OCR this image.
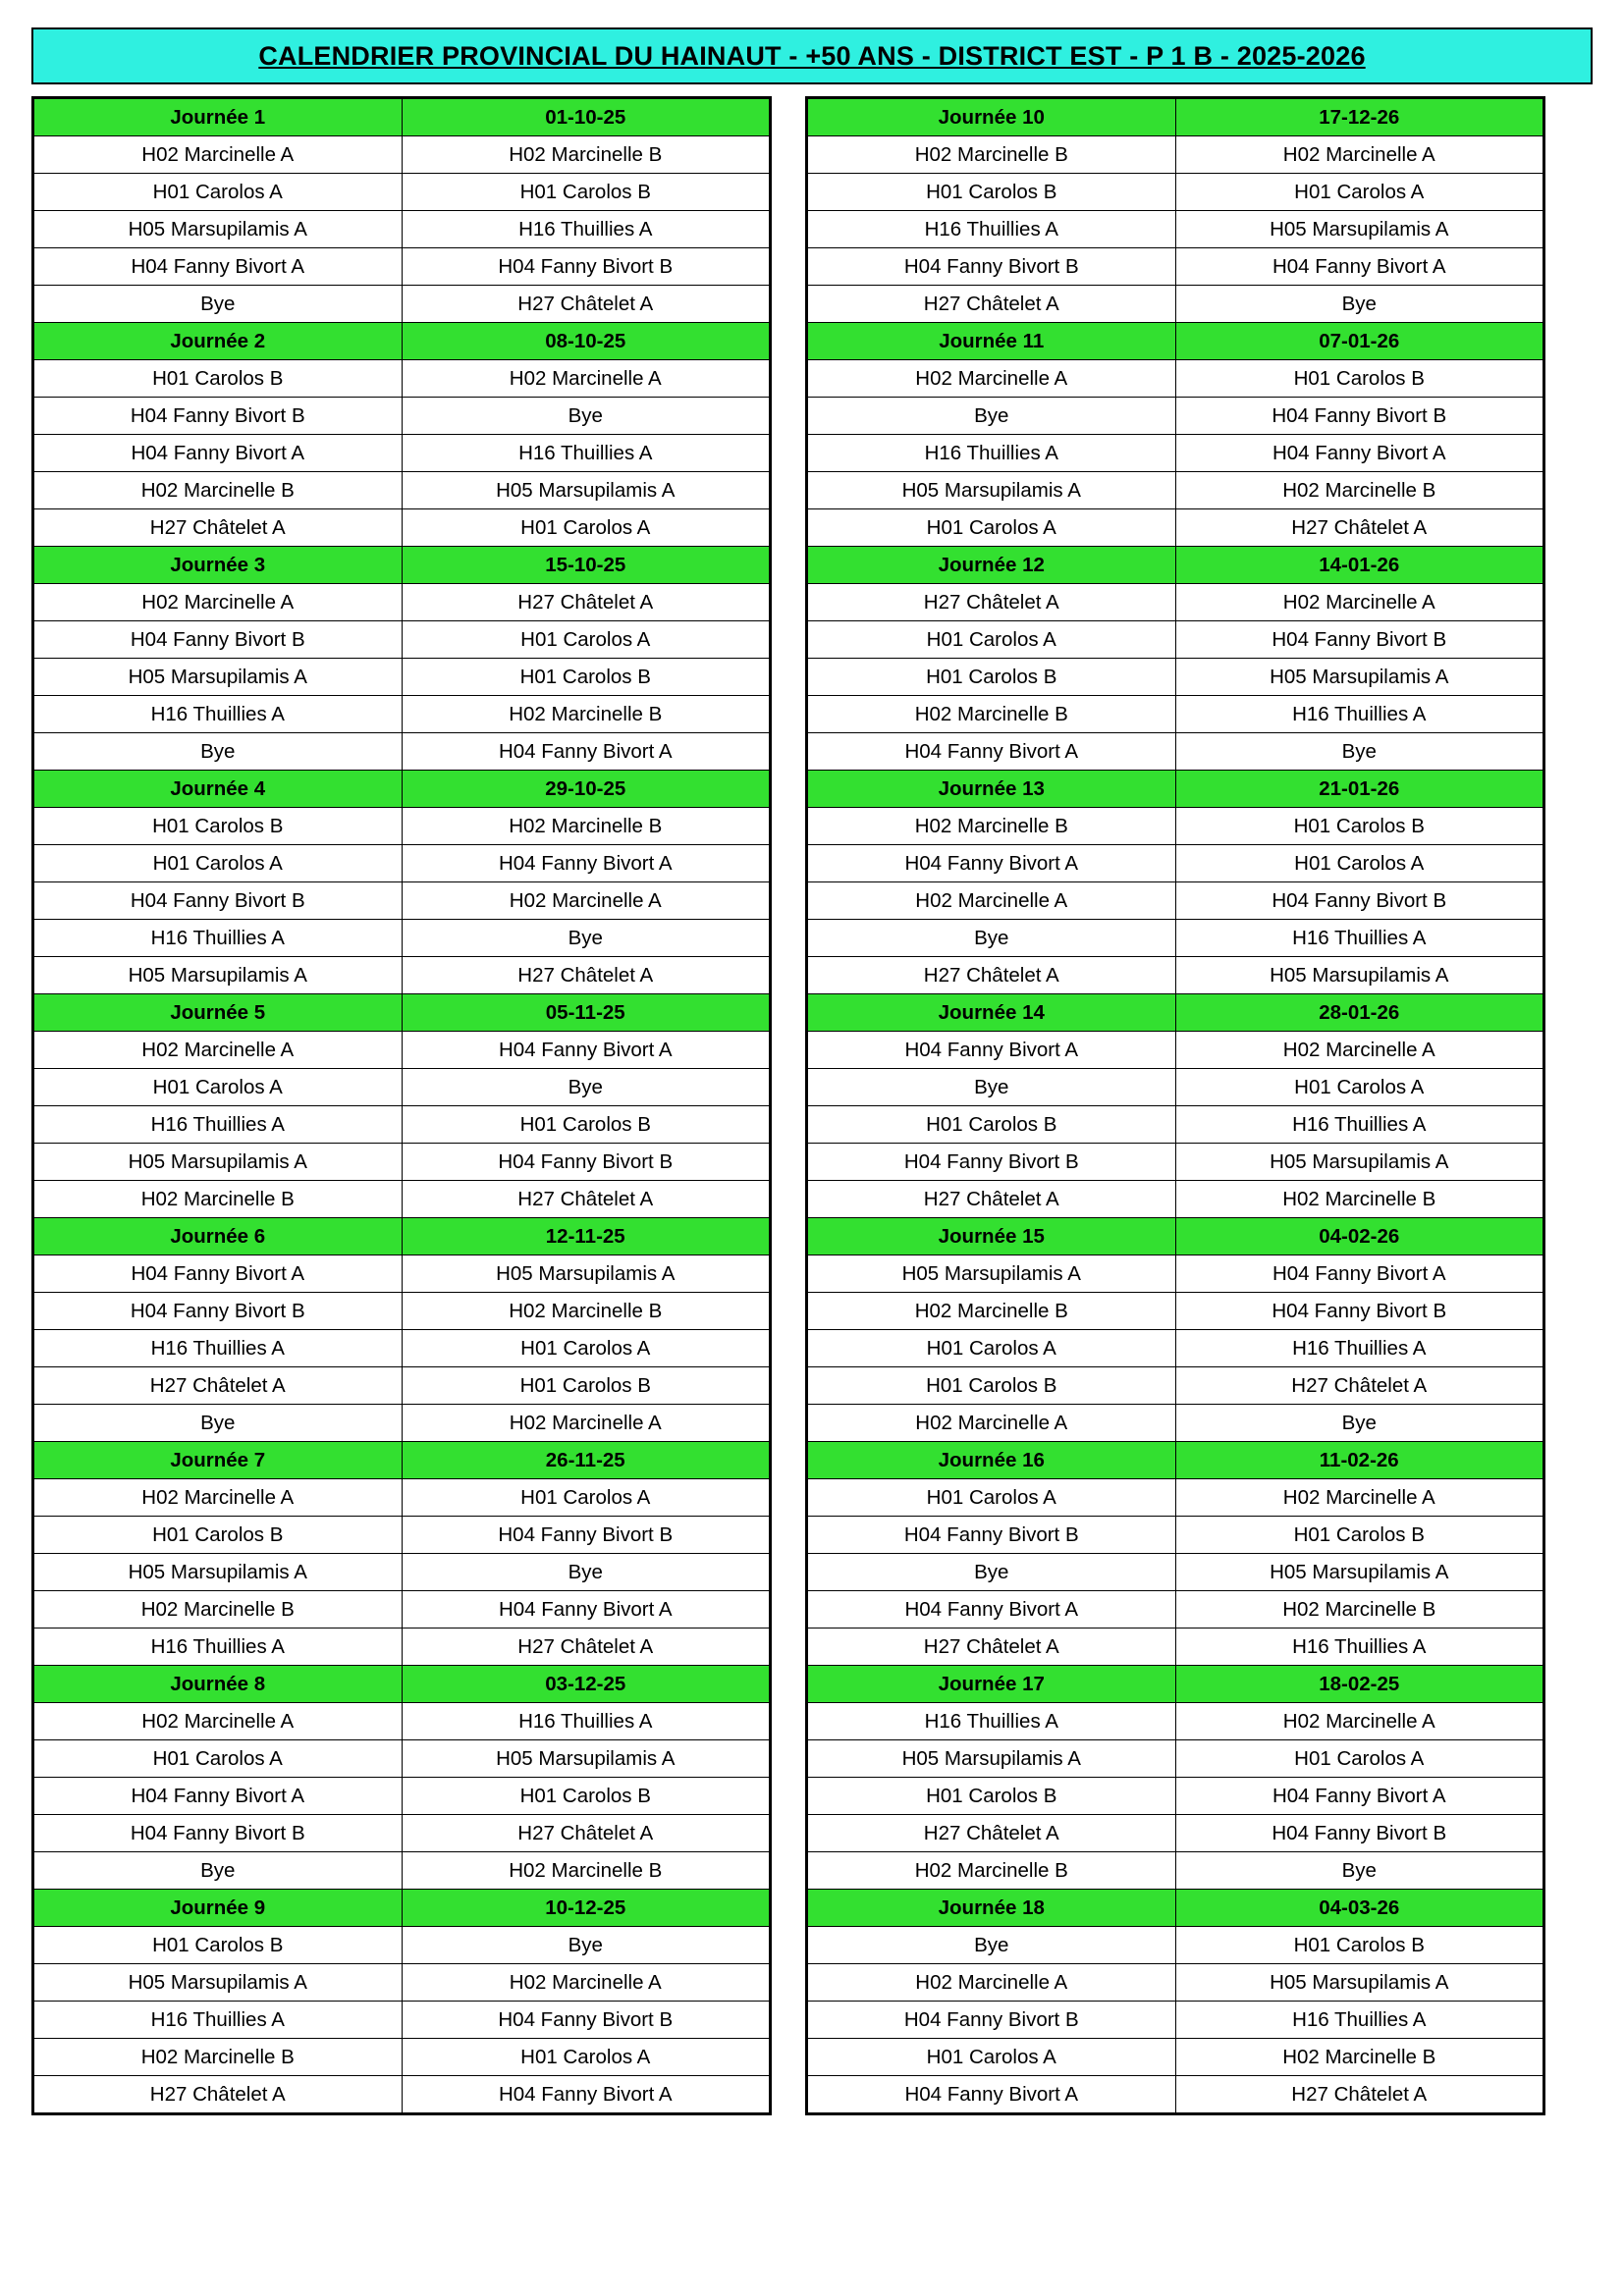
CALENDRIER PROVINCIAL DU HAINAUT - +50 ANS - DISTRICT EST - P 1 B - 2025-2026
Journée 1	01-10-25
H02 Marcinelle A	H02 Marcinelle B
H01 Carolos A	H01 Carolos B
H05 Marsupilamis A	H16 Thuillies A
H04 Fanny Bivort A	H04 Fanny Bivort B
Bye	H27 Châtelet A
Journée 2	08-10-25
H01 Carolos B	H02 Marcinelle A
H04 Fanny Bivort B	Bye
H04 Fanny Bivort A	H16 Thuillies A
H02 Marcinelle B	H05 Marsupilamis A
H27 Châtelet A	H01 Carolos A
Journée 3	15-10-25
H02 Marcinelle A	H27 Châtelet A
H04 Fanny Bivort B	H01 Carolos A
H05 Marsupilamis A	H01 Carolos B
H16 Thuillies A	H02 Marcinelle B
Bye	H04 Fanny Bivort A
Journée 4	29-10-25
H01 Carolos B	H02 Marcinelle B
H01 Carolos A	H04 Fanny Bivort A
H04 Fanny Bivort B	H02 Marcinelle A
H16 Thuillies A	Bye
H05 Marsupilamis A	H27 Châtelet A
Journée 5	05-11-25
H02 Marcinelle A	H04 Fanny Bivort A
H01 Carolos A	Bye
H16 Thuillies A	H01 Carolos B
H05 Marsupilamis A	H04 Fanny Bivort B
H02 Marcinelle B	H27 Châtelet A
Journée 6	12-11-25
H04 Fanny Bivort A	H05 Marsupilamis A
H04 Fanny Bivort B	H02 Marcinelle B
H16 Thuillies A	H01 Carolos A
H27 Châtelet A	H01 Carolos B
Bye	H02 Marcinelle A
Journée 7	26-11-25
H02 Marcinelle A	H01 Carolos A
H01 Carolos B	H04 Fanny Bivort B
H05 Marsupilamis A	Bye
H02 Marcinelle B	H04 Fanny Bivort A
H16 Thuillies A	H27 Châtelet A
Journée 8	03-12-25
H02 Marcinelle A	H16 Thuillies A
H01 Carolos A	H05 Marsupilamis A
H04 Fanny Bivort A	H01 Carolos B
H04 Fanny Bivort B	H27 Châtelet A
Bye	H02 Marcinelle B
Journée 9	10-12-25
H01 Carolos B	Bye
H05 Marsupilamis A	H02 Marcinelle A
H16 Thuillies A	H04 Fanny Bivort B
H02 Marcinelle B	H01 Carolos A
H27 Châtelet A	H04 Fanny Bivort A
Journée 10	17-12-26
H02 Marcinelle B	H02 Marcinelle A
H01 Carolos B	H01 Carolos A
H16 Thuillies A	H05 Marsupilamis A
H04 Fanny Bivort B	H04 Fanny Bivort A
H27 Châtelet A	Bye
Journée 11	07-01-26
H02 Marcinelle A	H01 Carolos B
Bye	H04 Fanny Bivort B
H16 Thuillies A	H04 Fanny Bivort A
H05 Marsupilamis A	H02 Marcinelle B
H01 Carolos A	H27 Châtelet A
Journée 12	14-01-26
H27 Châtelet A	H02 Marcinelle A
H01 Carolos A	H04 Fanny Bivort B
H01 Carolos B	H05 Marsupilamis A
H02 Marcinelle B	H16 Thuillies A
H04 Fanny Bivort A	Bye
Journée 13	21-01-26
H02 Marcinelle B	H01 Carolos B
H04 Fanny Bivort A	H01 Carolos A
H02 Marcinelle A	H04 Fanny Bivort B
Bye	H16 Thuillies A
H27 Châtelet A	H05 Marsupilamis A
Journée 14	28-01-26
H04 Fanny Bivort A	H02 Marcinelle A
Bye	H01 Carolos A
H01 Carolos B	H16 Thuillies A
H04 Fanny Bivort B	H05 Marsupilamis A
H27 Châtelet A	H02 Marcinelle B
Journée 15	04-02-26
H05 Marsupilamis A	H04 Fanny Bivort A
H02 Marcinelle B	H04 Fanny Bivort B
H01 Carolos A	H16 Thuillies A
H01 Carolos B	H27 Châtelet A
H02 Marcinelle A	Bye
Journée 16	11-02-26
H01 Carolos A	H02 Marcinelle A
H04 Fanny Bivort B	H01 Carolos B
Bye	H05 Marsupilamis A
H04 Fanny Bivort A	H02 Marcinelle B
H27 Châtelet A	H16 Thuillies A
Journée 17	18-02-25
H16 Thuillies A	H02 Marcinelle A
H05 Marsupilamis A	H01 Carolos A
H01 Carolos B	H04 Fanny Bivort A
H27 Châtelet A	H04 Fanny Bivort B
H02 Marcinelle B	Bye
Journée 18	04-03-26
Bye	H01 Carolos B
H02 Marcinelle A	H05 Marsupilamis A
H04 Fanny Bivort B	H16 Thuillies A
H01 Carolos A	H02 Marcinelle B
H04 Fanny Bivort A	H27 Châtelet A
